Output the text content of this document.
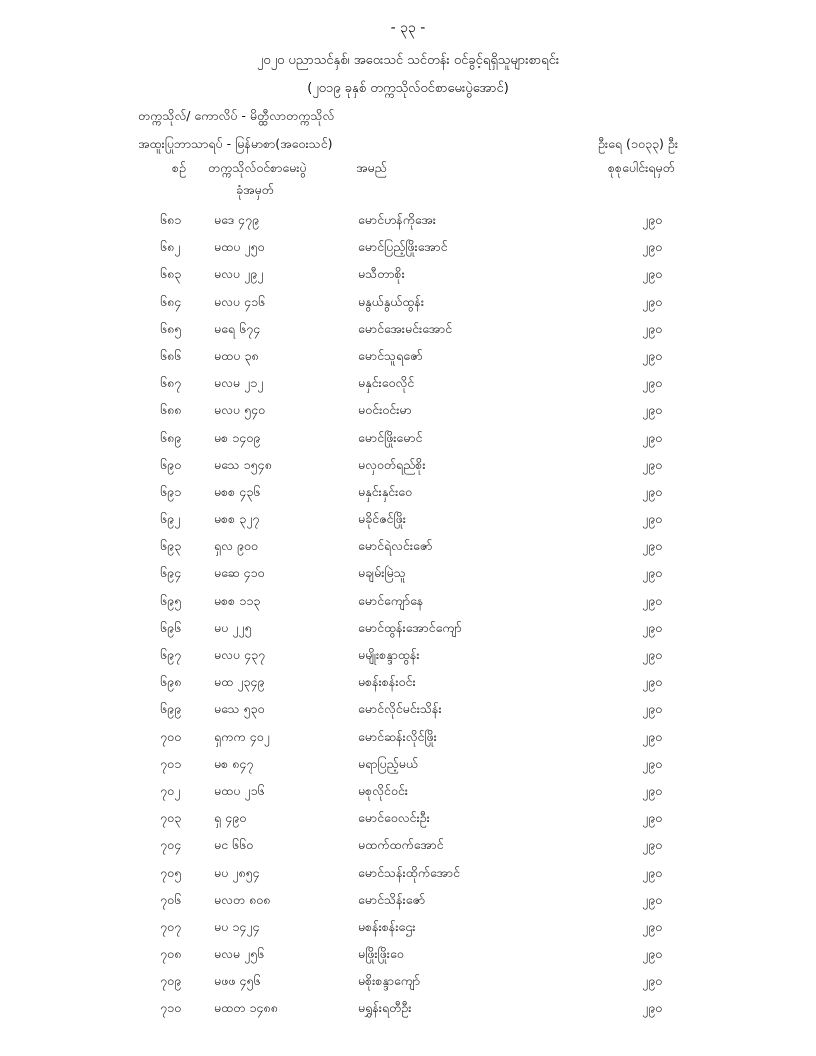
- ၃၃ -
၂၀၂၀ ပညာသင်နှစ်၊ အဝေးသင် သင်တန်း ဝင်ခွင့်ရရှိသူများစာရင်း
(၂၀၁၉ ခုနှစ် တက္ကသိုလ်ဝင်စာမေးပွဲအောင်)
တက္ကသိုလ်/ ကောလိပ် - မိတ္ထီလာတက္ကသိုလ်
အထူးပြုဘာသာရပ် - မြန်မာစာ(အဝေးသင်)	ဦးရေ (၁၀၃၃) ဦး
စဉ် တက္ကသိုလ်ဝင်စာမေးပွဲ
ခုံအမှတ်
အမည်	စုစုပေါင်းရမှတ်
၆၈၁	မဒေ ၄၇၉	မောင်ဟန်ကိုအေး	၂၉၀
၆၈၂	မထပ ၂၅၀	မောင်ပြည့်ဖြိုးအောင်	၂၉၀
၆၈၃	မလပ ၂၉၂	မသီတာစိုး	၂၉၀
၆၈၄	မလပ ၄၁၆	မနွယ်နွယ်ထွန်း	၂၉၀
၆၈၅	မရေ ၆၇၄	မောင်အေးမင်းအောင်	၂၉၀
၆၈၆	မထပ ၃၈	မောင်သူရဇော်	၂၉၀
၆၈၇	မလမ ၂၁၂	မနှင်းဝေလိုင်	၂၉၀
၆၈၈	မလပ ၅၄၀	မဝင်းဝင်းမာ	၂၉၀
၆၈၉	မစ ၁၄၀၉	မောင်ဖြိုးမောင်	၂၉၀
၆၉၀	မသေ ၁၅၄၈	မလှဝတ်ရည်စိုး	၂၉၀
၆၉၁	မစစ ၄၃၆	မနှင်းနှင်းဝေ	၂၉၀
၆၉၂	မစစ ၃၂၇	မခိုင်ဇင်ဖြိုး	၂၉၀
၆၉၃	ရှလ ၉၀၀	မောင်ရဲလင်းဇော်	၂၉၀
၆၉၄	မဆေ ၄၁၀	မချမ်းမြဲသူ	၂၉၀
၆၉၅	မစစ ၁၁၃	မောင်ကျော်နေ	၂၉၀
၆၉၆	မပ ၂၂၅	မောင်ထွန်းအောင်ကျော်	၂၉၀
၆၉၇	မလပ ၄၃၇	မမျိုးစန္ဒာထွန်း	၂၉၀
၆၉၈	မထ ၂၃၄၉	မစန်းစန်းဝင်း	၂၉၀
၆၉၉	မသေ ၅၃၀	မောင်လိုင်မင်းသိန်း	၂၉၀
၇၀၀	ရှကက ၄၀၂	မောင်ဆန်းလိုင်ဖြိုး	၂၉၀
၇၀၁	မစ ၈၄၇	မရာပြည့်မယ်	၂၉၀
၇၀၂	မထပ ၂၁၆	မစုလိုင်ဝင်း	၂၉၀
၇၀၃	ရှ ၄၉၀	မောင်ဝေလင်းဦး	၂၉၀
၇၀၄	မင ၆၆၀	မထက်ထက်အောင်	၂၉၀
၇၀၅	မပ ၂၈၅၄	မောင်သန်းထိုက်အောင်	၂၉၀
၇၀၆	မလတ ၈၀၈	မောင်သိန်းဇော်	၂၉၀
၇၀၇	မပ ၁၄၂၄	မစန်းစန်းဌေး	၂၉၀
၇၀၈	မလမ ၂၅၆	မဖြိုးဖြိုးဝေ	၂၉၀
၇၀၉	မဖဖ ၄၅၆	မစိုးစန္ဒာကျော်	၂၉၀
၇၁၀	မထတ ၁၄၈၈	မရွှန်းရတီဦး	၂၉၀
